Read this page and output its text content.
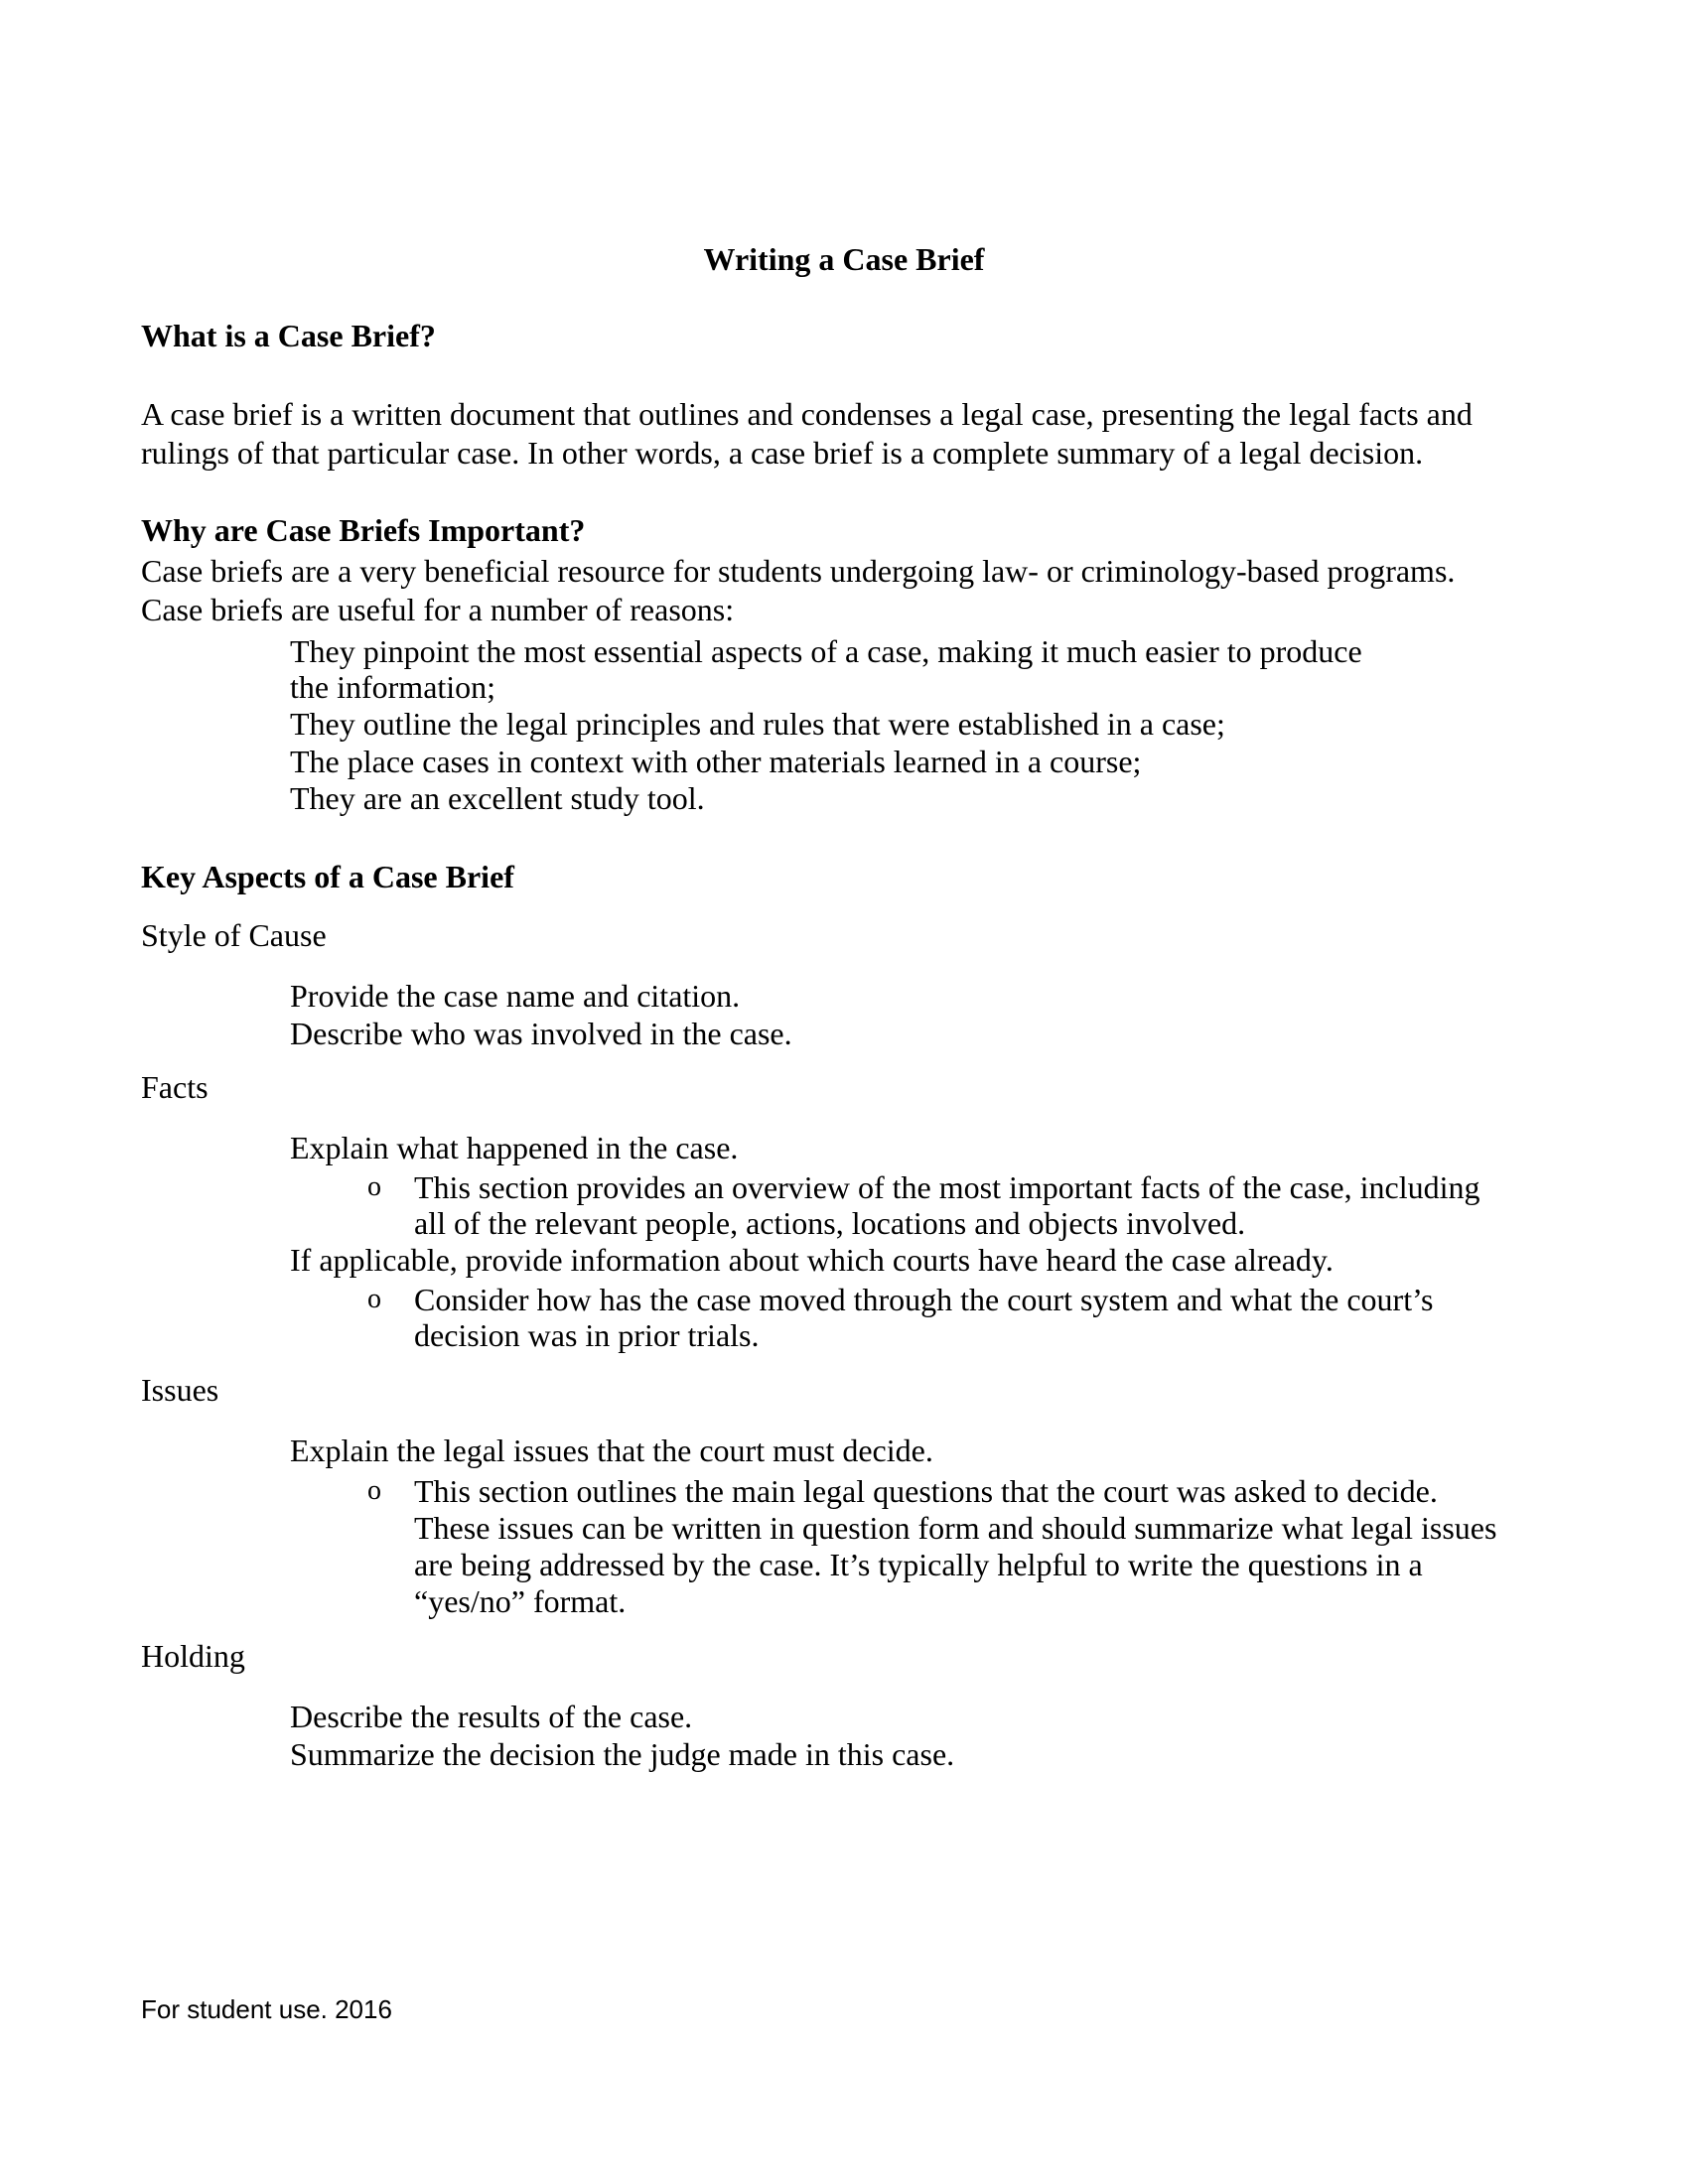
Writing a Case Brief
What is a Case Brief?
A case brief is a written document that outlines and condenses a legal case, presenting the legal facts and
rulings of that particular case. In other words, a case brief is a complete summary of a legal decision.
Why are Case Briefs Important?
Case briefs are a very beneficial resource for students undergoing law- or criminology-based programs.
Case briefs are useful for a number of reasons:
They pinpoint the most essential aspects of a case, making it much easier to produce
the information;
They outline the legal principles and rules that were established in a case;
The place cases in context with other materials learned in a course;
They are an excellent study tool.
Key Aspects of a Case Brief
Style of Cause
Provide the case name and citation.
Describe who was involved in the case.
Facts
Explain what happened in the case.
o This section provides an overview of the most important facts of the case, including
all of the relevant people, actions, locations and objects involved.
If applicable, provide information about which courts have heard the case already.
o Consider how has the case moved through the court system and what the court’s
decision was in prior trials.
Issues
Explain the legal issues that the court must decide.
o This section outlines the main legal questions that the court was asked to decide.
These issues can be written in question form and should summarize what legal issues
are being addressed by the case. It’s typically helpful to write the questions in a
“yes/no” format.
Holding
Describe the results of the case.
Summarize the decision the judge made in this case.
For student use. 2016
